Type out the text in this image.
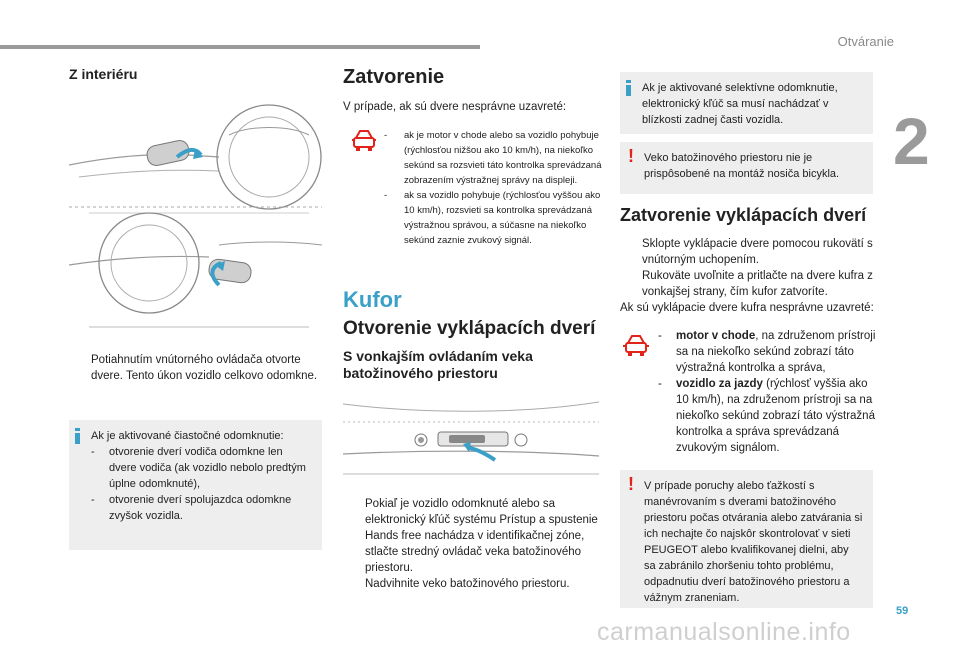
Otváranie
2
59
carmanualsonline.info
Z interiéru
Potiahnutím vnútorného ovládača otvorte dvere. Tento úkon vozidlo celkovo odomkne.
Ak je aktivované čiastočné odomknutie:
- otvorenie dverí vodiča odomkne len dvere vodiča (ak vozidlo nebolo predtým úplne odomknuté),
- otvorenie dverí spolujazdca odomkne zvyšok vozidla.
Zatvorenie
V prípade, ak sú dvere nesprávne uzavreté:
- ak je motor v chode alebo sa vozidlo pohybuje (rýchlosťou nižšou ako 10 km/h), na niekoľko sekúnd sa rozsvieti táto kontrolka sprevádzaná zobrazením výstražnej správy na displeji.
- ak sa vozidlo pohybuje (rýchlosťou vyššou ako 10 km/h), rozsvieti sa kontrolka sprevádzaná výstražnou správou, a súčasne na niekoľko sekúnd zaznie zvukový signál.
Kufor
Otvorenie vyklápacích dverí
S vonkajším ovládaním veka batožinového priestoru
Pokiaľ je vozidlo odomknuté alebo sa elektronický kľúč systému Prístup a spustenie Hands free nachádza v identifikačnej zóne, stlačte stredný ovládač veka batožinového priestoru.
Nadvihnite veko batožinového priestoru.
Ak je aktivované selektívne odomknutie, elektronický kľúč sa musí nachádzať v blízkosti zadnej časti vozidla.
! Veko batožinového priestoru nie je prispôsobené na montáž nosiča bicykla.
Zatvorenie vyklápacích dverí
Sklopte vyklápacie dvere pomocou rukovätí s vnútorným uchopením.
Rukoväte uvoľnite a pritlačte na dvere kufra z vonkajšej strany, čím kufor zatvoríte.
Ak sú vyklápacie dvere kufra nesprávne uzavreté:
- motor v chode, na združenom prístroji sa na niekoľko sekúnd zobrazí táto výstražná kontrolka a správa,
- vozidlo za jazdy (rýchlosť vyššia ako 10 km/h), na združenom prístroji sa na niekoľko sekúnd zobrazí táto výstražná kontrolka a správa sprevádzaná zvukovým signálom.
! V prípade poruchy alebo ťažkostí s manévrovaním s dverami batožinového priestoru počas otvárania alebo zatvárania si ich nechajte čo najskôr skontrolovať v sieti PEUGEOT alebo kvalifikovanej dielni, aby sa zabránilo zhoršeniu tohto problému, odpadnutiu dverí batožinového priestoru a vážnym zraneniam.
